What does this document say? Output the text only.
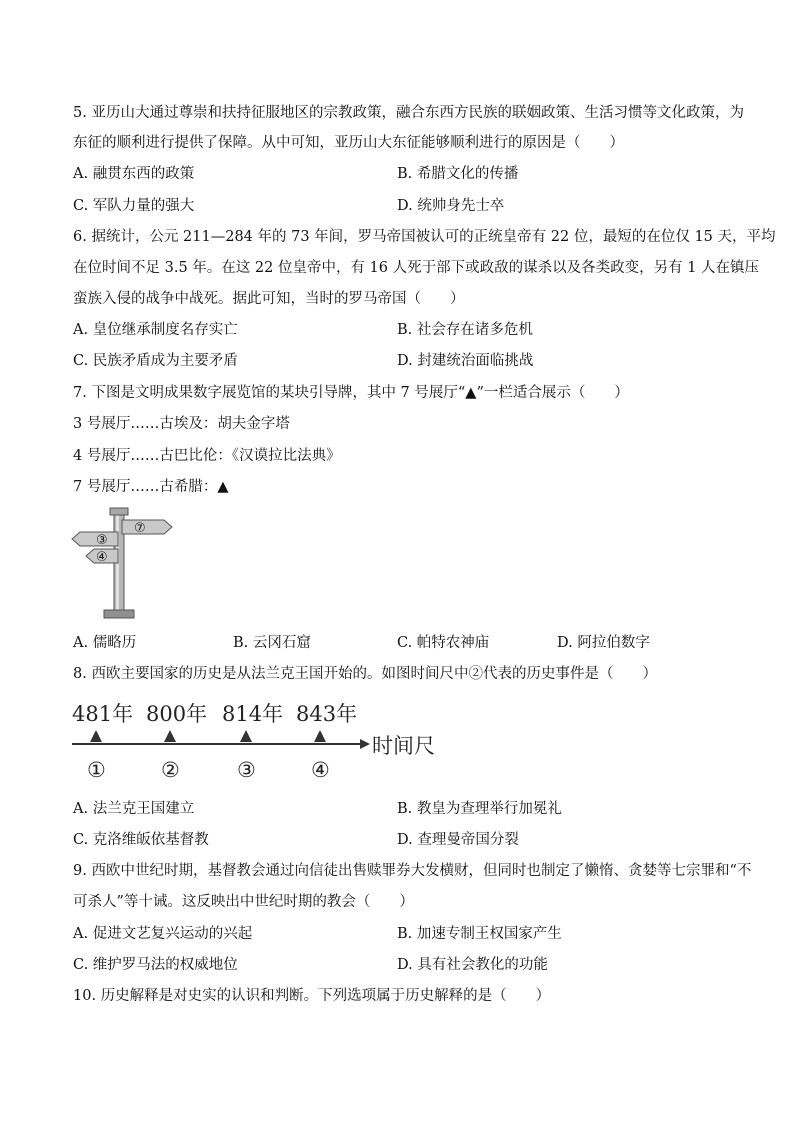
5. 亚历山大通过尊崇和扶持征服地区的宗教政策，融合东西方民族的联姻政策、生活习惯等文化政策，为
东征的顺利进行提供了保障。从中可知，亚历山大东征能够顺利进行的原因是（　　）
A. 融贯东西的政策	B. 希腊文化的传播
C. 军队力量的强大	D. 统帅身先士卒
6. 据统计，公元 211—284 年的 73 年间，罗马帝国被认可的正统皇帝有 22 位，最短的在位仅 15 天，平均
在位时间不足 3.5 年。在这 22 位皇帝中，有 16 人死于部下或政敌的谋杀以及各类政变，另有 1 人在镇压
蛮族入侵的战争中战死。据此可知，当时的罗马帝国（　　）
A. 皇位继承制度名存实亡	B. 社会存在诸多危机
C. 民族矛盾成为主要矛盾	D. 封建统治面临挑战
7. 下图是文明成果数字展览馆的某块引导牌，其中 7 号展厅“▲”一栏适合展示（　　）
3 号展厅……古埃及：胡夫金字塔
4 号展厅……古巴比伦：《汉谟拉比法典》
7 号展厅……古希腊：▲
⑦
③
④
A. 儒略历	B. 云冈石窟	C. 帕特农神庙	D. 阿拉伯数字
8. 西欧主要国家的历史是从法兰克王国开始的。如图时间尺中②代表的历史事件是（　　）
481年 800年 814年 843年
时间尺
①	②	③	④
A. 法兰克王国建立	B. 教皇为查理举行加冕礼
C. 克洛维皈依基督教	D. 查理曼帝国分裂
9. 西欧中世纪时期，基督教会通过向信徒出售赎罪券大发横财，但同时也制定了懒惰、贪婪等七宗罪和“不
可杀人”等十诫。这反映出中世纪时期的教会（　　）
A. 促进文艺复兴运动的兴起	B. 加速专制王权国家产生
C. 维护罗马法的权威地位	D. 具有社会教化的功能
10. 历史解释是对史实的认识和判断。下列选项属于历史解释的是（　　）
